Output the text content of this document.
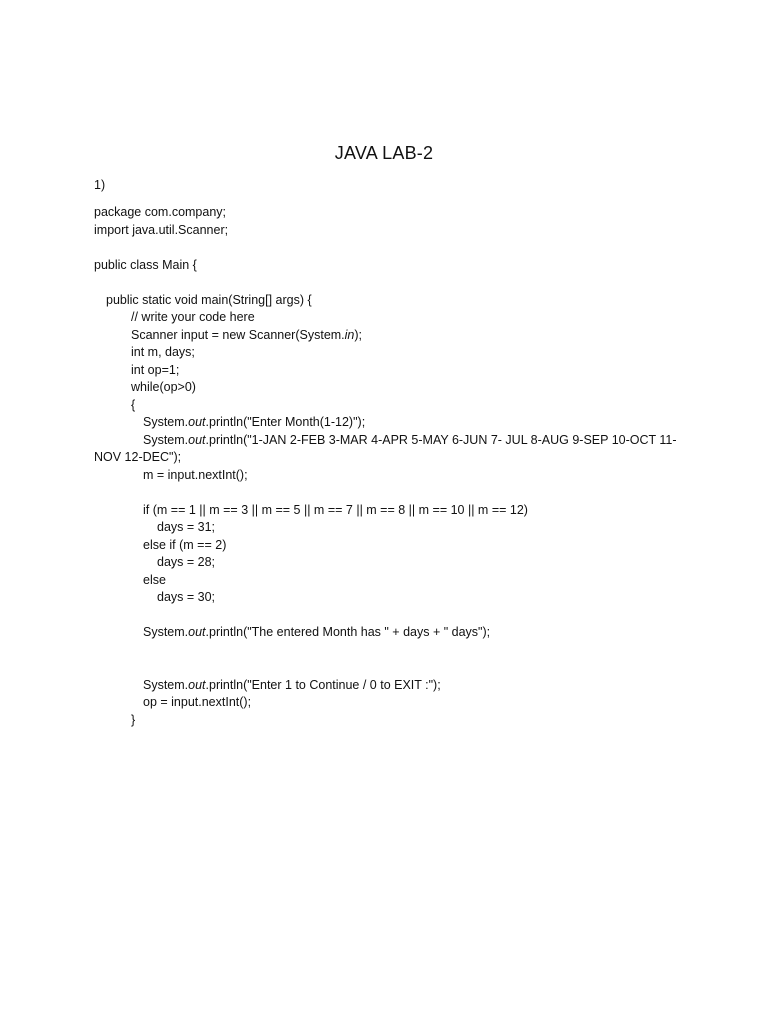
JAVA LAB-2
1)
package com.company;
import java.util.Scanner;
public class Main {
public static void main(String[] args) {
// write your code here
Scanner input = new Scanner(System.in);
int m, days;
int op=1;
while(op>0)
{
System.out.println("Enter Month(1-12)");
System.out.println("1-JAN 2-FEB 3-MAR 4-APR 5-MAY 6-JUN 7- JUL 8-AUG 9-SEP 10-OCT 11-
NOV 12-DEC");
m = input.nextInt();
if (m == 1 || m == 3 || m == 5 || m == 7 || m == 8 || m == 10 || m == 12)
days = 31;
else if (m == 2)
days = 28;
else
days = 30;
System.out.println("The entered Month has " + days + " days");
System.out.println("Enter 1 to Continue / 0 to EXIT :");
op = input.nextInt();
}
